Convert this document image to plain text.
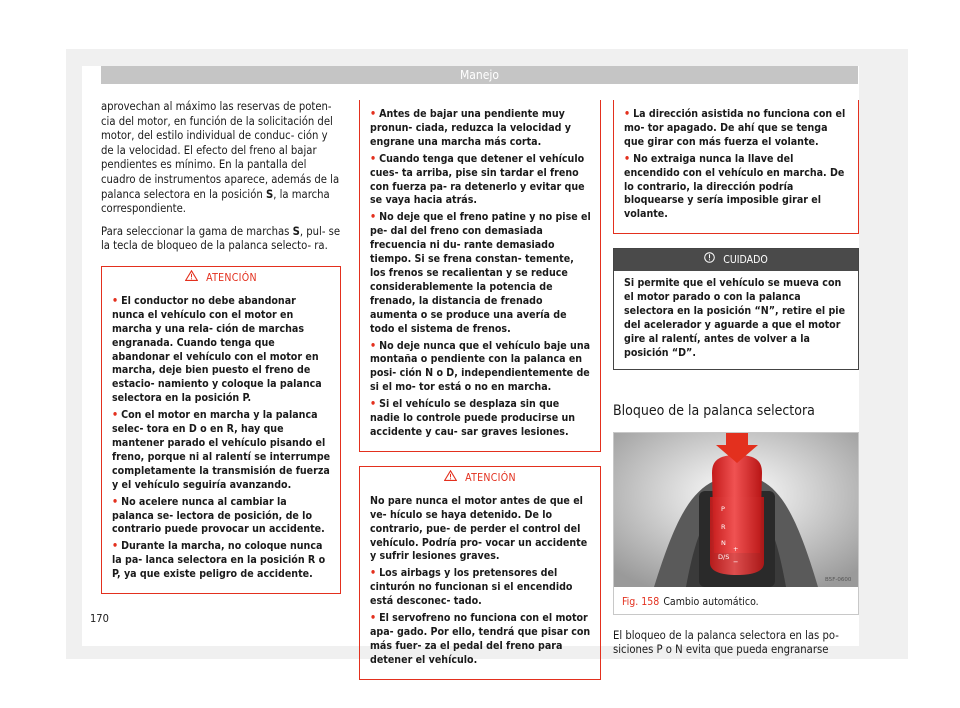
Manejo

aprovechan al máximo las reservas de poten- cia del motor, en función de la solicitación del motor, del estilo individual de conduc- ción y de la velocidad. El efecto del freno al bajar pendientes es mínimo. En la pantalla del cuadro de instrumentos aparece, además de la palanca selectora en la posición S, la marcha correspondiente.

Para seleccionar la gama de marchas S, pul- se la tecla de bloqueo de la palanca selecto- ra.

ATENCIÓN
• El conductor no debe abandonar nunca el vehículo con el motor en marcha y una rela- ción de marchas engranada. Cuando tenga que abandonar el vehículo con el motor en marcha, deje bien puesto el freno de estacio- namiento y coloque la palanca selectora en la posición P.
• Con el motor en marcha y la palanca selec- tora en D o en R, hay que mantener parado el vehículo pisando el freno, porque ni al ralentí se interrumpe completamente la transmisión de fuerza y el vehículo seguiría avanzando.
• No acelere nunca al cambiar la palanca se- lectora de posición, de lo contrario puede provocar un accidente.
• Durante la marcha, no coloque nunca la pa- lanca selectora en la posición R o P, ya que existe peligro de accidente.
• Antes de bajar una pendiente muy pronun- ciada, reduzca la velocidad y engrane una marcha más corta.
• Cuando tenga que detener el vehículo cues- ta arriba, pise sin tardar el freno con fuerza pa- ra detenerlo y evitar que se vaya hacia atrás.
• No deje que el freno patine y no pise el pe- dal del freno con demasiada frecuencia ni du- rante demasiado tiempo. Si se frena constan- temente, los frenos se recalientan y se reduce considerablemente la potencia de frenado, la distancia de frenado aumenta o se produce una avería de todo el sistema de frenos.
• No deje nunca que el vehículo baje una montaña o pendiente con la palanca en posi- ción N o D, independientemente de si el mo- tor está o no en marcha.
• Si el vehículo se desplaza sin que nadie lo controle puede producirse un accidente y cau- sar graves lesiones.
ATENCIÓN
No pare nunca el motor antes de que el ve- hículo se haya detenido. De lo contrario, pue- de perder el control del vehículo. Podría pro- vocar un accidente y sufrir lesiones graves.
• Los airbags y los pretensores del cinturón no funcionan si el encendido está desconec- tado.
• El servofreno no funciona con el motor apa- gado. Por ello, tendrá que pisar con más fuer- za el pedal del freno para detener el vehículo.
• La dirección asistida no funciona con el mo- tor apagado. De ahí que se tenga que girar con más fuerza el volante.
• No extraiga nunca la llave del encendido con el vehículo en marcha. De lo contrario, la dirección podría bloquearse y sería imposible girar el volante.
CUIDADO
Si permite que el vehículo se mueva con el motor parado o con la palanca selectora en la posición “N”, retire el pie del acelerador y aguarde a que el motor gire al ralentí, antes de volver a la posición “D”.
Bloqueo de la palanca selectora
P
R
N
D/S
+
−
B5F-0600
Fig. 158 Cambio automático.

El bloqueo de la palanca selectora en las po- siciones P o N evita que pueda engranarse

170
